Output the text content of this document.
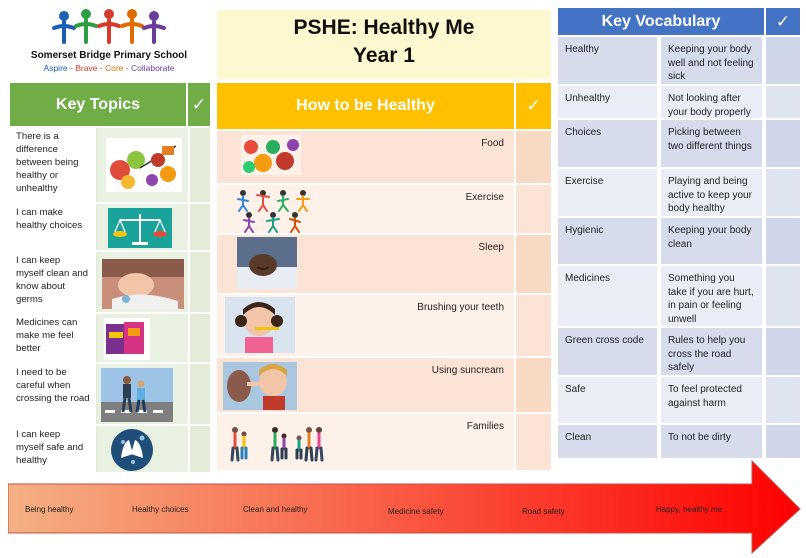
Somerset Bridge Primary School
Aspire - Brave - Core - Collaborate
PSHE: Healthy Me
Year 1
Key Topics	✓
There is a difference between being healthy or unhealthy
I can make healthy choices
I can keep myself clean and know about germs
Medicines can make me feel better
I need to be careful when crossing the road
I can keep myself safe and healthy
How to be Healthy	✓
Food
Exercise
Sleep
Brushing your teeth
Using suncream
Families
Key Vocabulary	✓
Healthy	Keeping your body well and not feeling sick
Unhealthy	Not looking after your body properly
Choices	Picking between two different things
Exercise	Playing and being active to keep your body healthy
Hygienic	Keeping your body clean
Medicines	Something you take if you are hurt, in pain or feeling unwell
Green cross code	Rules to help you cross the road safely
Safe	To feel protected against harm
Clean	To not be dirty
Being healthy	Healthy choices	Clean and healthy	Medicine safety	Road safety	Happy, healthy me
